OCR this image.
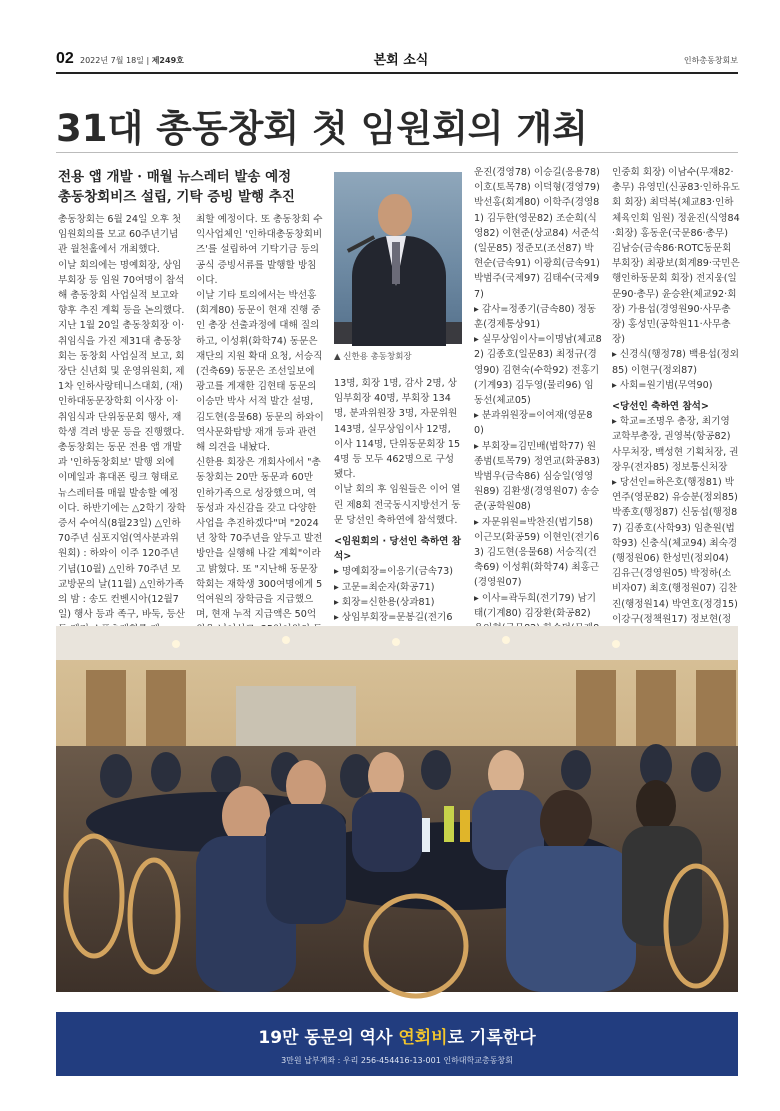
02 2022년 7월 18일 | 제249호	본회 소식	인하총동창회보
31대 총동창회 첫 임원회의 개최
전용 앱 개발 · 매월 뉴스레터 발송 예정
총동창회비즈 설립, 기탁 증빙 발행 추진

총동창회는 6월 24일 오후 첫 임원회의를 모교 60주년기념관 월천홀에서 개최했다.

이날 회의에는 명예회장, 상임부회장 등 임원 70여명이 참석해 총동창회 사업실적 보고와 향후 추진 계획 등을 논의했다.

지난 1월 20일 총동창회장 이·취임식을 가진 제31대 총동창회는 동창회 사업실적 보고, 회장단 신년회 및 운영위원회, 제1차 인하사랑테니스대회, (재)인하대동문장학회 이사장 이·취임식과 단위동문회 행사, 재학생 격려 방문 등을 진행했다.

총동창회는 동문 전용 앱 개발과 '인하동창회보' 발행 외에 이메일과 휴대폰 링크 형태로 뉴스레터를 매월 발송할 예정이다. 하반기에는 △2학기 장학증서 수여식(8월23일) △인하70주년 심포지엄(역사분과위원회) : 하와이 이주 120주년 기념(10월) △인하 70주년 모교방문의 날(11월) △인하가족의 밤 : 송도 컨벤시아(12월7일) 행사 등과 족구, 바둑, 등산

최할 예정이다. 또 총동창회 수익사업체인 '인하대총동창회비즈'를 설립하여 기탁기금 등의 공식 증빙서류를 발행할 방침이다.

이날 기타 토의에서는 박선홍(회계80) 동문이 현재 진행 중인 총장 선출과정에 대해 질의하고, 이성휘(화학74) 동문은 재단의 지원 확대 요청, 서승직(건축69) 동문은 조선일보에 광고를 게재한 김현태 동문의 이승만 박사 서적 발간 설명, 김도현(응물68) 동문의 하와이 역사문화탐방 재개 등과 관련해 의견을 내놨다.

신한용 회장은 개회사에서 "총동창회는 20만 동문과 60만 인하가족으로 성장했으며, 역동성과 자신감을 갖고 다양한 사업을 추진하겠다"며 "2024년 창학 70주년을 앞두고 발전 방안을 실행해 나갈 계획"이라고 밝혔다. 또 "지난해 동문장학회는 재학생 300여명에게 5억여원의 장학금을 지급했으며, 현재 누적 지급액은 50억

▲ 신한용 총동창회장

13명, 회장 1명, 감사 2명, 상임부회장 40명, 부회장 134명, 분과위원장 3명, 자문위원 143명, 실무상임이사 12명, 이사 114명, 단위동문회장 154명 등 모두 462명으로 구성됐다.

이날 회의 후 임원들은 이어 열린 제8회 전국동시지방선거 동문 당선인 축하연에 참석했다.

<임원회의 · 당선인 축하연 참석>

▸ 명예회장=이응기(금속73)

▸ 고문=최순자(화공71)

▸ 회장=신한용(상과81)

▸ 상임부회장=문봉길(전기6

운진(경영78) 이승길(응용78) 이호(토목78) 이덕형(경영79) 박선홍(회계80) 이학주(경영81) 김두한(영문82) 조순희(식영82) 이현준(상교84) 서준석(일문85) 정준모(조선87) 박현순(금속91) 이광희(금속91) 박범주(국제97) 김태수(국제97)

▸ 감사=정종기(금속80) 정동훈(경제통상91)

▸ 실무상임이사=이명남(체교82) 김종호(일문83) 최정규(경영90) 김현숙(수학92) 전홍기(기계93) 김두영(물리96) 임동선(체교05)

▸ 분과위원장=이여재(영문80)

▸ 부회장=김민배(법학77) 원종범(토목79) 정연교(화공83) 박범우(금속86) 심승일(영영원89) 김환생(경영원07) 송승준(공학원08)

▸ 자문위원=박찬진(법기58) 이근모(화공59) 이현인(전기63) 김도현(응물68) 서승직(건축69) 이성휘(화학74) 최홍근(경영원07)

▸ 이사=곽두희(전기79) 남기태(기계80) 김장환(화공82)

인중회 회장) 이남수(무재82·총무) 유영민(신공83·인하유도회 회장) 최덕복(체교83·인하체육인회 임원) 정윤진(식영84·회장) 홍동운(국문86·총무) 김남승(금속86·ROTC동문회 부회장) 최광보(회계89·국민은행인하동문회 회장) 전지웅(일문90·총무) 윤승완(체교92·회장) 가용섭(경영원90·사무총장) 홍성민(공학원11·사무총장)

▸ 신경식(행정78) 백용섭(정외85) 이현구(정외87)

▸ 사회=원기범(무역90)

<당선인 축하연 참석>

▸ 학교=조명우 총장, 최기영 교학부총장, 권영복(항공82) 사무처장, 백성현 기획처장, 권장우(전자85) 정보통신처장

▸ 당선인=하은호(행정81) 박연주(영문82) 유승분(정외85) 박종호(행정87) 신동섭(행정87) 김종호(사학93) 임춘원(법학93) 신충식(체교94) 최숙경(행정원06) 한성민(정외04) 김유근(경영원05) 박정하(소비자07) 최호(행정원07) 김찬진(행정원14) 박연호(정경15) 이강구(정책원17) 정보현(정

19만 동문의 역사 연회비로 기록한다
3만원 납부계좌 : 우리 256-454416-13-001 인하대학교총동창회
